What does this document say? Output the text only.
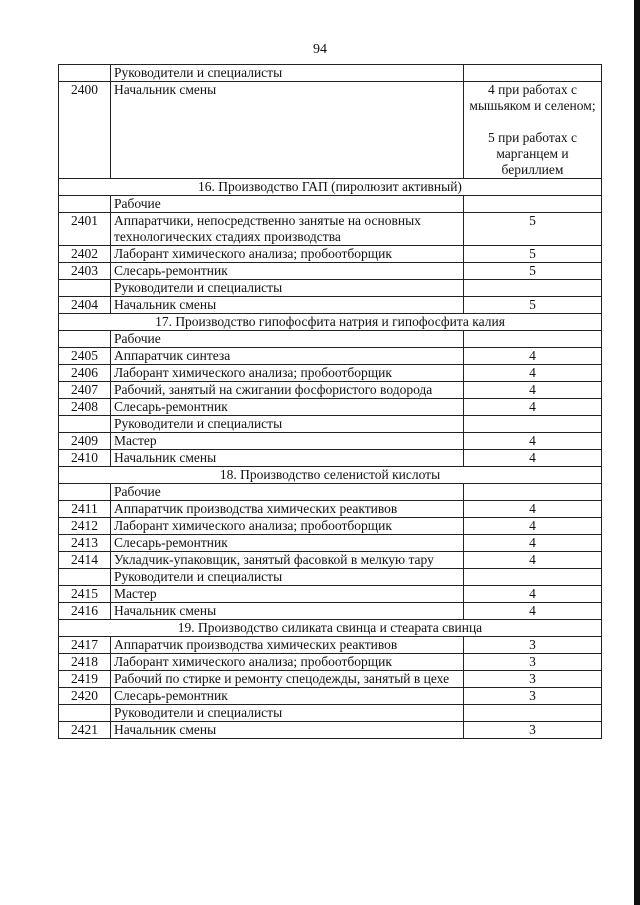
94
	Руководители и специалисты	
2400	Начальник смены	4 при работах с мышьяком и селеном;

5 при работах с марганцем и бериллием
16. Производство ГАП (пиролюзит активный)		
	Рабочие	
2401	Аппаратчики, непосредственно занятые на основных технологических стадиях производства	5
2402	Лаборант химического анализа; пробоотборщик	5
2403	Слесарь-ремонтник	5
	Руководители и специалисты	
2404	Начальник смены	5
17. Производство гипофосфита натрия и гипофосфита калия		
	Рабочие	
2405	Аппаратчик синтеза	4
2406	Лаборант химического анализа; пробоотборщик	4
2407	Рабочий, занятый на сжигании фосфористого водорода	4
2408	Слесарь-ремонтник	4
	Руководители и специалисты	
2409	Мастер	4
2410	Начальник смены	4
18. Производство селенистой кислоты		
	Рабочие	
2411	Аппаратчик производства химических реактивов	4
2412	Лаборант химического анализа; пробоотборщик	4
2413	Слесарь-ремонтник	4
2414	Укладчик-упаковщик, занятый фасовкой в мелкую тару	4
	Руководители и специалисты	
2415	Мастер	4
2416	Начальник смены	4
19. Производство силиката свинца и стеарата свинца		
2417	Аппаратчик производства химических реактивов	3
2418	Лаборант химического анализа; пробоотборщик	3
2419	Рабочий по стирке и ремонту спецодежды, занятый в цехе	3
2420	Слесарь-ремонтник	3
	Руководители и специалисты	
2421	Начальник смены	3
